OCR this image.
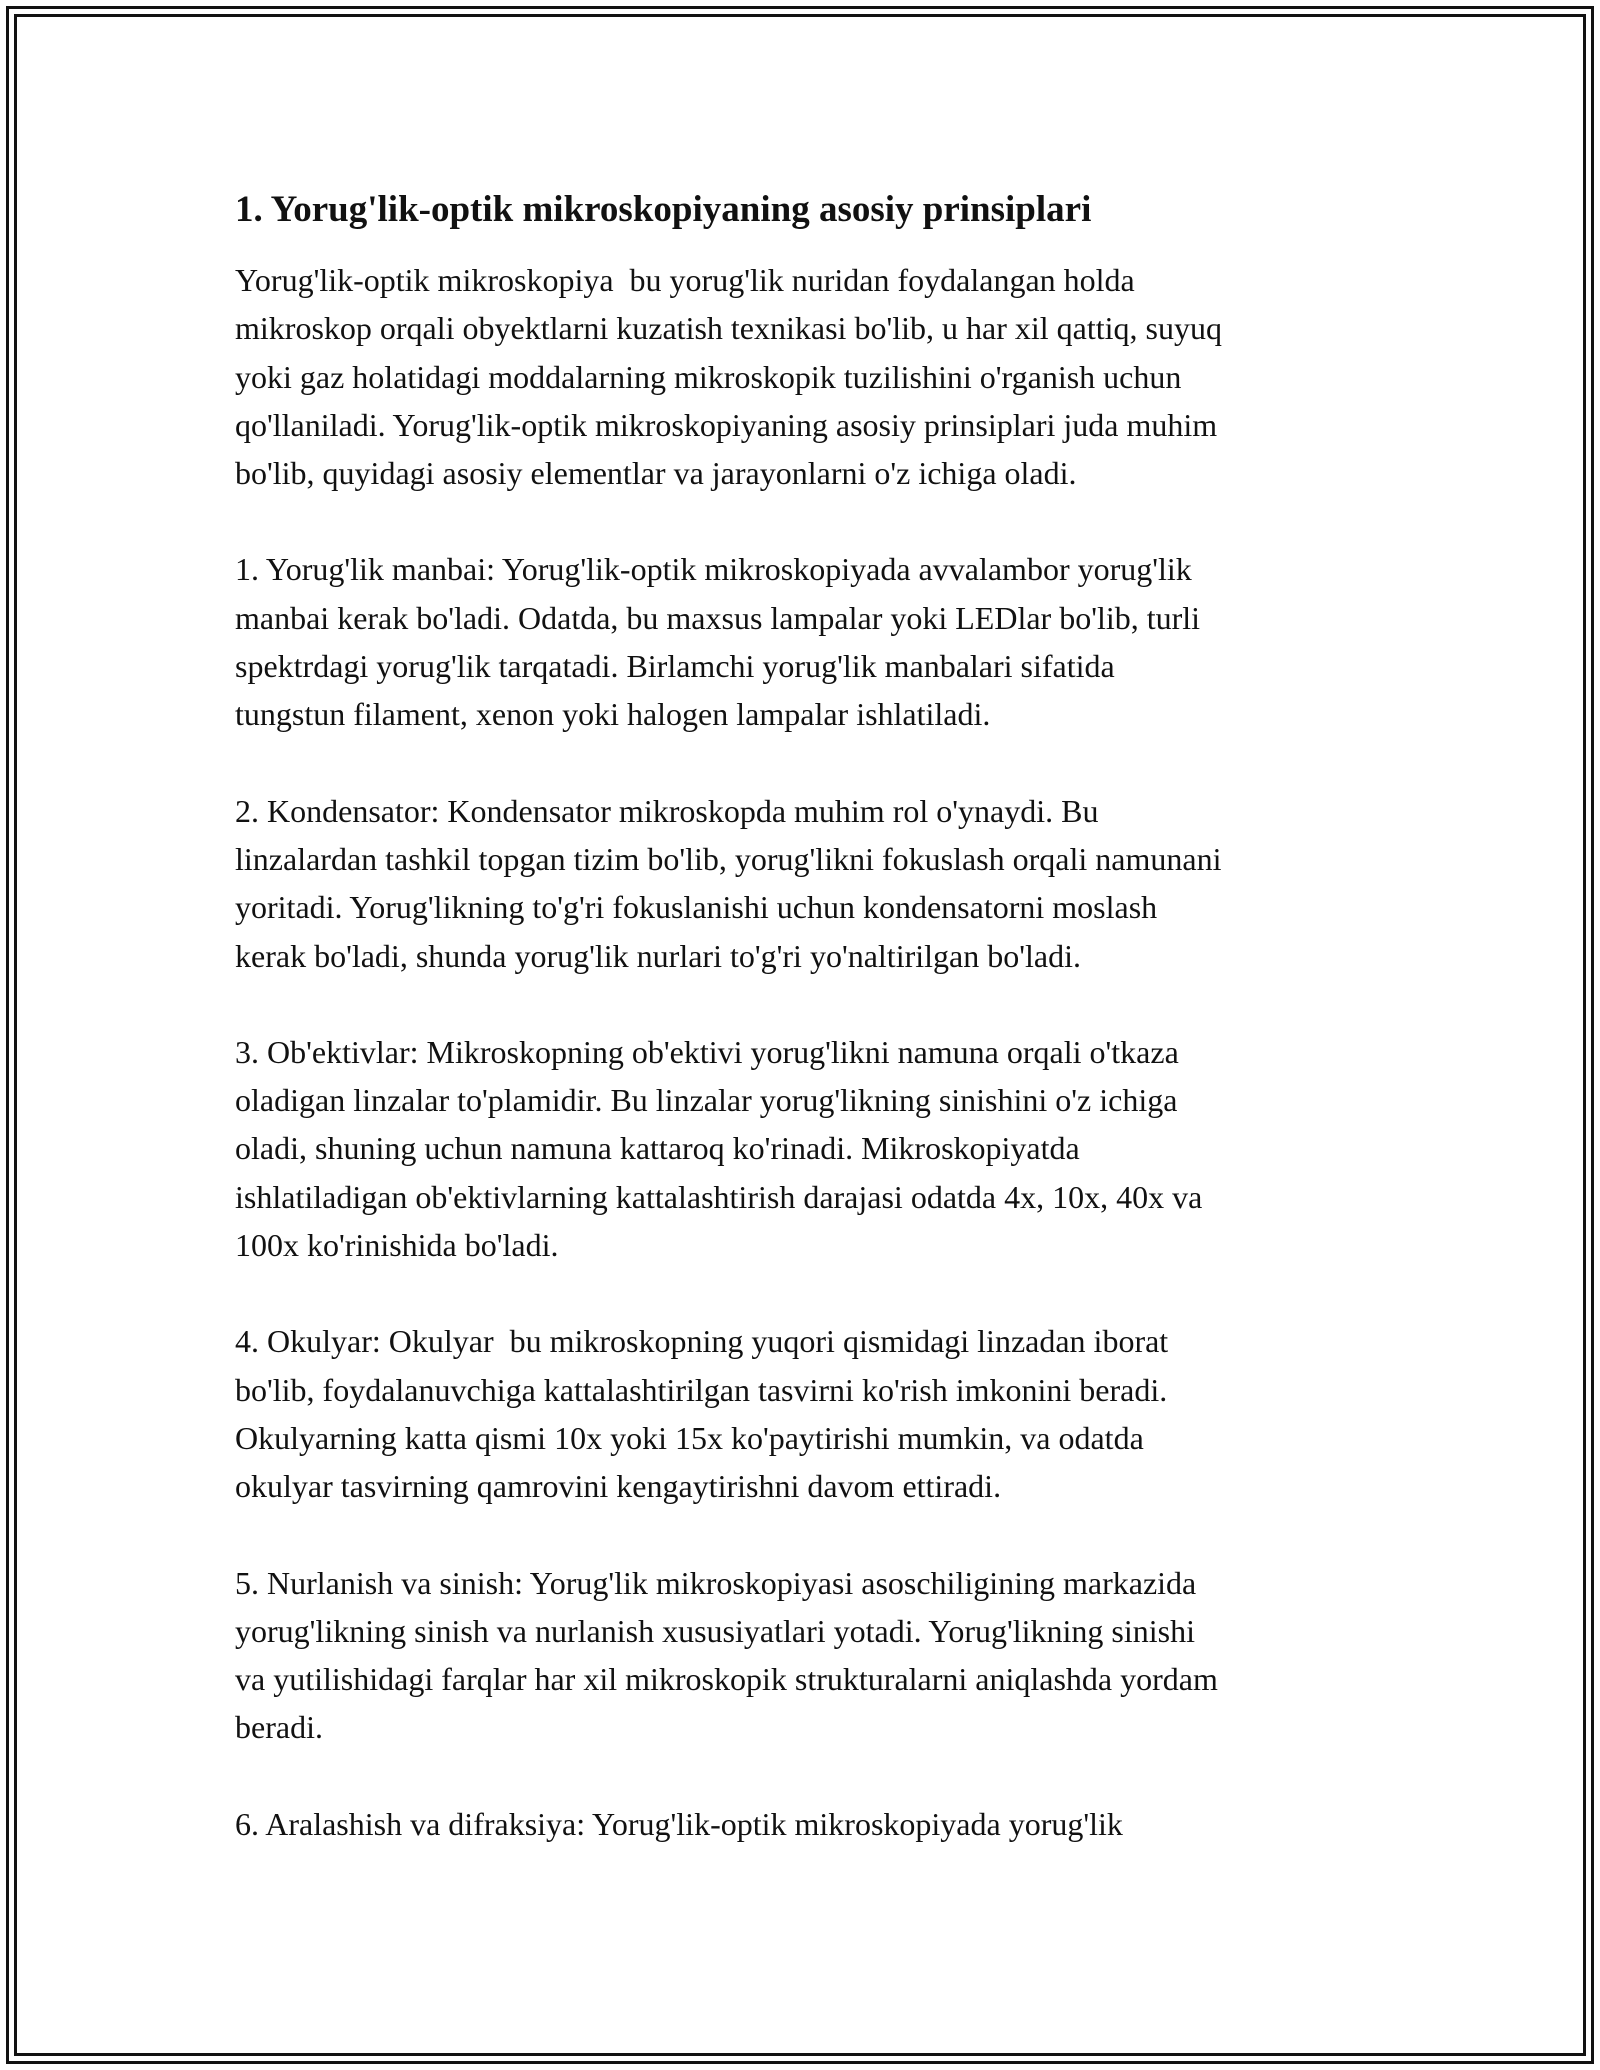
1. Yorug'lik-optik mikroskopiyaning asosiy prinsiplari
Yorug'lik-optik mikroskopiya  bu yorug'lik nuridan foydalangan holda
mikroskop orqali obyektlarni kuzatish texnikasi bo'lib, u har xil qattiq, suyuq
yoki gaz holatidagi moddalarning mikroskopik tuzilishini o'rganish uchun
qo'llaniladi. Yorug'lik-optik mikroskopiyaning asosiy prinsiplari juda muhim
bo'lib, quyidagi asosiy elementlar va jarayonlarni o'z ichiga oladi.
1. Yorug'lik manbai: Yorug'lik-optik mikroskopiyada avvalambor yorug'lik
manbai kerak bo'ladi. Odatda, bu maxsus lampalar yoki LEDlar bo'lib, turli
spektrdagi yorug'lik tarqatadi. Birlamchi yorug'lik manbalari sifatida
tungstun filament, xenon yoki halogen lampalar ishlatiladi.
2. Kondensator: Kondensator mikroskopda muhim rol o'ynaydi. Bu
linzalardan tashkil topgan tizim bo'lib, yorug'likni fokuslash orqali namunani
yoritadi. Yorug'likning to'g'ri fokuslanishi uchun kondensatorni moslash
kerak bo'ladi, shunda yorug'lik nurlari to'g'ri yo'naltirilgan bo'ladi.
3. Ob'ektivlar: Mikroskopning ob'ektivi yorug'likni namuna orqali o'tkaza
oladigan linzalar to'plamidir. Bu linzalar yorug'likning sinishini o'z ichiga
oladi, shuning uchun namuna kattaroq ko'rinadi. Mikroskopiyatda
ishlatiladigan ob'ektivlarning kattalashtirish darajasi odatda 4x, 10x, 40x va
100x ko'rinishida bo'ladi.
4. Okulyar: Okulyar  bu mikroskopning yuqori qismidagi linzadan iborat
bo'lib, foydalanuvchiga kattalashtirilgan tasvirni ko'rish imkonini beradi.
Okulyarning katta qismi 10x yoki 15x ko'paytirishi mumkin, va odatda
okulyar tasvirning qamrovini kengaytirishni davom ettiradi.
5. Nurlanish va sinish: Yorug'lik mikroskopiyasi asoschiligining markazida
yorug'likning sinish va nurlanish xususiyatlari yotadi. Yorug'likning sinishi
va yutilishidagi farqlar har xil mikroskopik strukturalarni aniqlashda yordam
beradi.
6. Aralashish va difraksiya: Yorug'lik-optik mikroskopiyada yorug'lik
